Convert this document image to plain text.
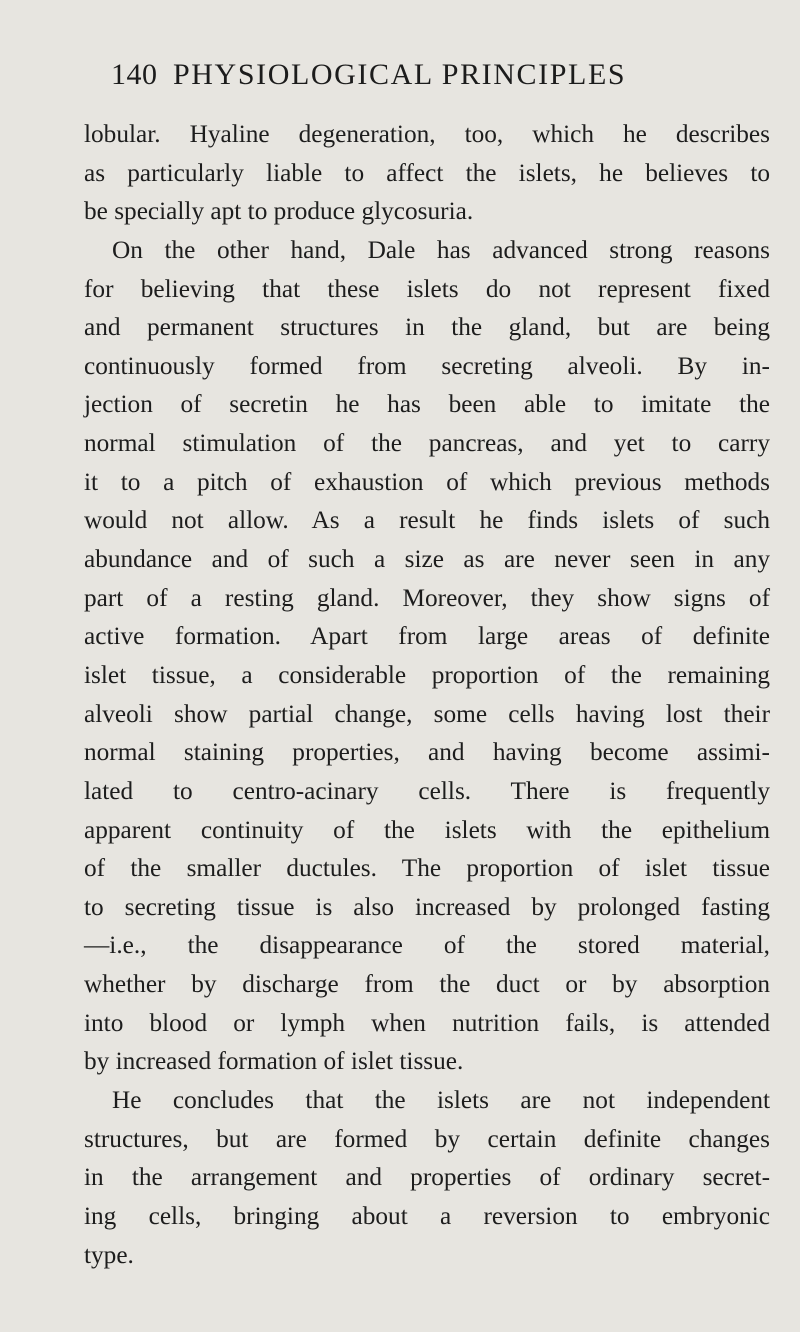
140 PHYSIOLOGICAL PRINCIPLES
lobular. Hyaline degeneration, too, which he describes
as particularly liable to affect the islets, he believes to
be specially apt to produce glycosuria.
On the other hand, Dale has advanced strong reasons
for believing that these islets do not represent fixed
and permanent structures in the gland, but are being
continuously formed from secreting alveoli. By in-
jection of secretin he has been able to imitate the
normal stimulation of the pancreas, and yet to carry
it to a pitch of exhaustion of which previous methods
would not allow. As a result he finds islets of such
abundance and of such a size as are never seen in any
part of a resting gland. Moreover, they show signs of
active formation. Apart from large areas of definite
islet tissue, a considerable proportion of the remaining
alveoli show partial change, some cells having lost their
normal staining properties, and having become assimi-
lated to centro-acinary cells. There is frequently
apparent continuity of the islets with the epithelium
of the smaller ductules. The proportion of islet tissue
to secreting tissue is also increased by prolonged fasting
—i.e., the disappearance of the stored material,
whether by discharge from the duct or by absorption
into blood or lymph when nutrition fails, is attended
by increased formation of islet tissue.
He concludes that the islets are not independent
structures, but are formed by certain definite changes
in the arrangement and properties of ordinary secret-
ing cells, bringing about a reversion to embryonic
type.
